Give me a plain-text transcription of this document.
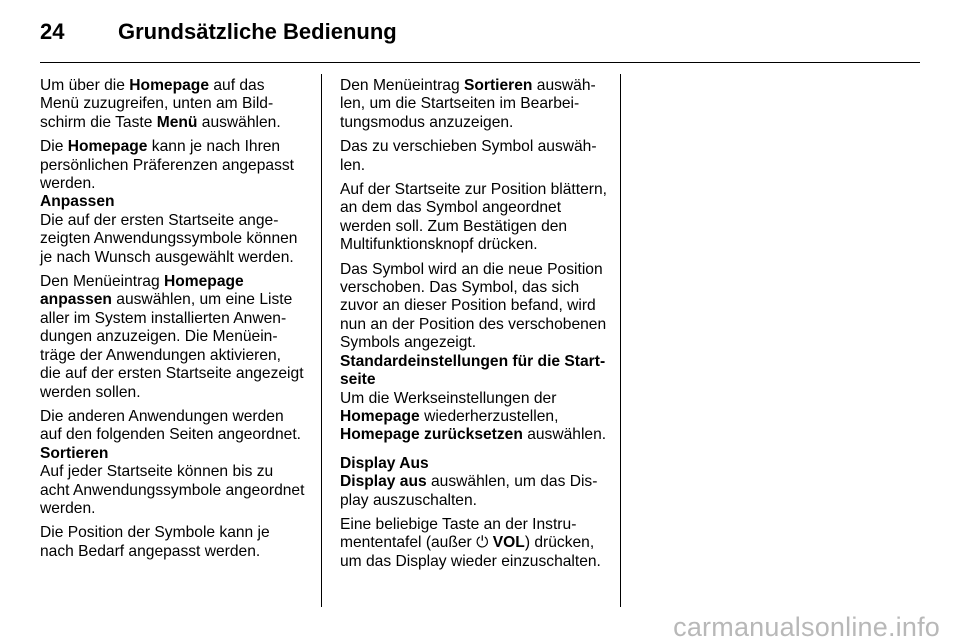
24 Grundsätzliche Bedienung

Um über die Homepage auf das Menü zuzugreifen, unten am Bildschirm die Taste Menü auswählen.

Die Homepage kann je nach Ihren persönlichen Präferenzen angepasst werden.

Anpassen

Die auf der ersten Startseite angezeigten Anwendungssymbole können je nach Wunsch ausgewählt werden.

Den Menüeintrag Homepage anpassen auswählen, um eine Liste aller im System installierten Anwendungen anzuzeigen. Die Menüeinträge der Anwendungen aktivieren, die auf der ersten Startseite angezeigt werden sollen.

Die anderen Anwendungen werden auf den folgenden Seiten angeordnet.

Sortieren

Auf jeder Startseite können bis zu acht Anwendungssymbole angeordnet werden.

Die Position der Symbole kann je nach Bedarf angepasst werden.

Den Menüeintrag Sortieren auswählen, um die Startseiten im Bearbeitungsmodus anzuzeigen.

Das zu verschieben Symbol auswählen.

Auf der Startseite zur Position blättern, an dem das Symbol angeordnet werden soll. Zum Bestätigen den Multifunktionsknopf drücken.

Das Symbol wird an die neue Position verschoben. Das Symbol, das sich zuvor an dieser Position befand, wird nun an der Position des verschobenen Symbols angezeigt.

Standardeinstellungen für die Startseite

Um die Werkseinstellungen der Homepage wiederherzustellen, Homepage zurücksetzen auswählen.

Display Aus

Display aus auswählen, um das Display auszuschalten.

Eine beliebige Taste an der Instrumententafel (außer ⏻ VOL) drücken, um das Display wieder einzuschalten.

carmanualsonline.info
